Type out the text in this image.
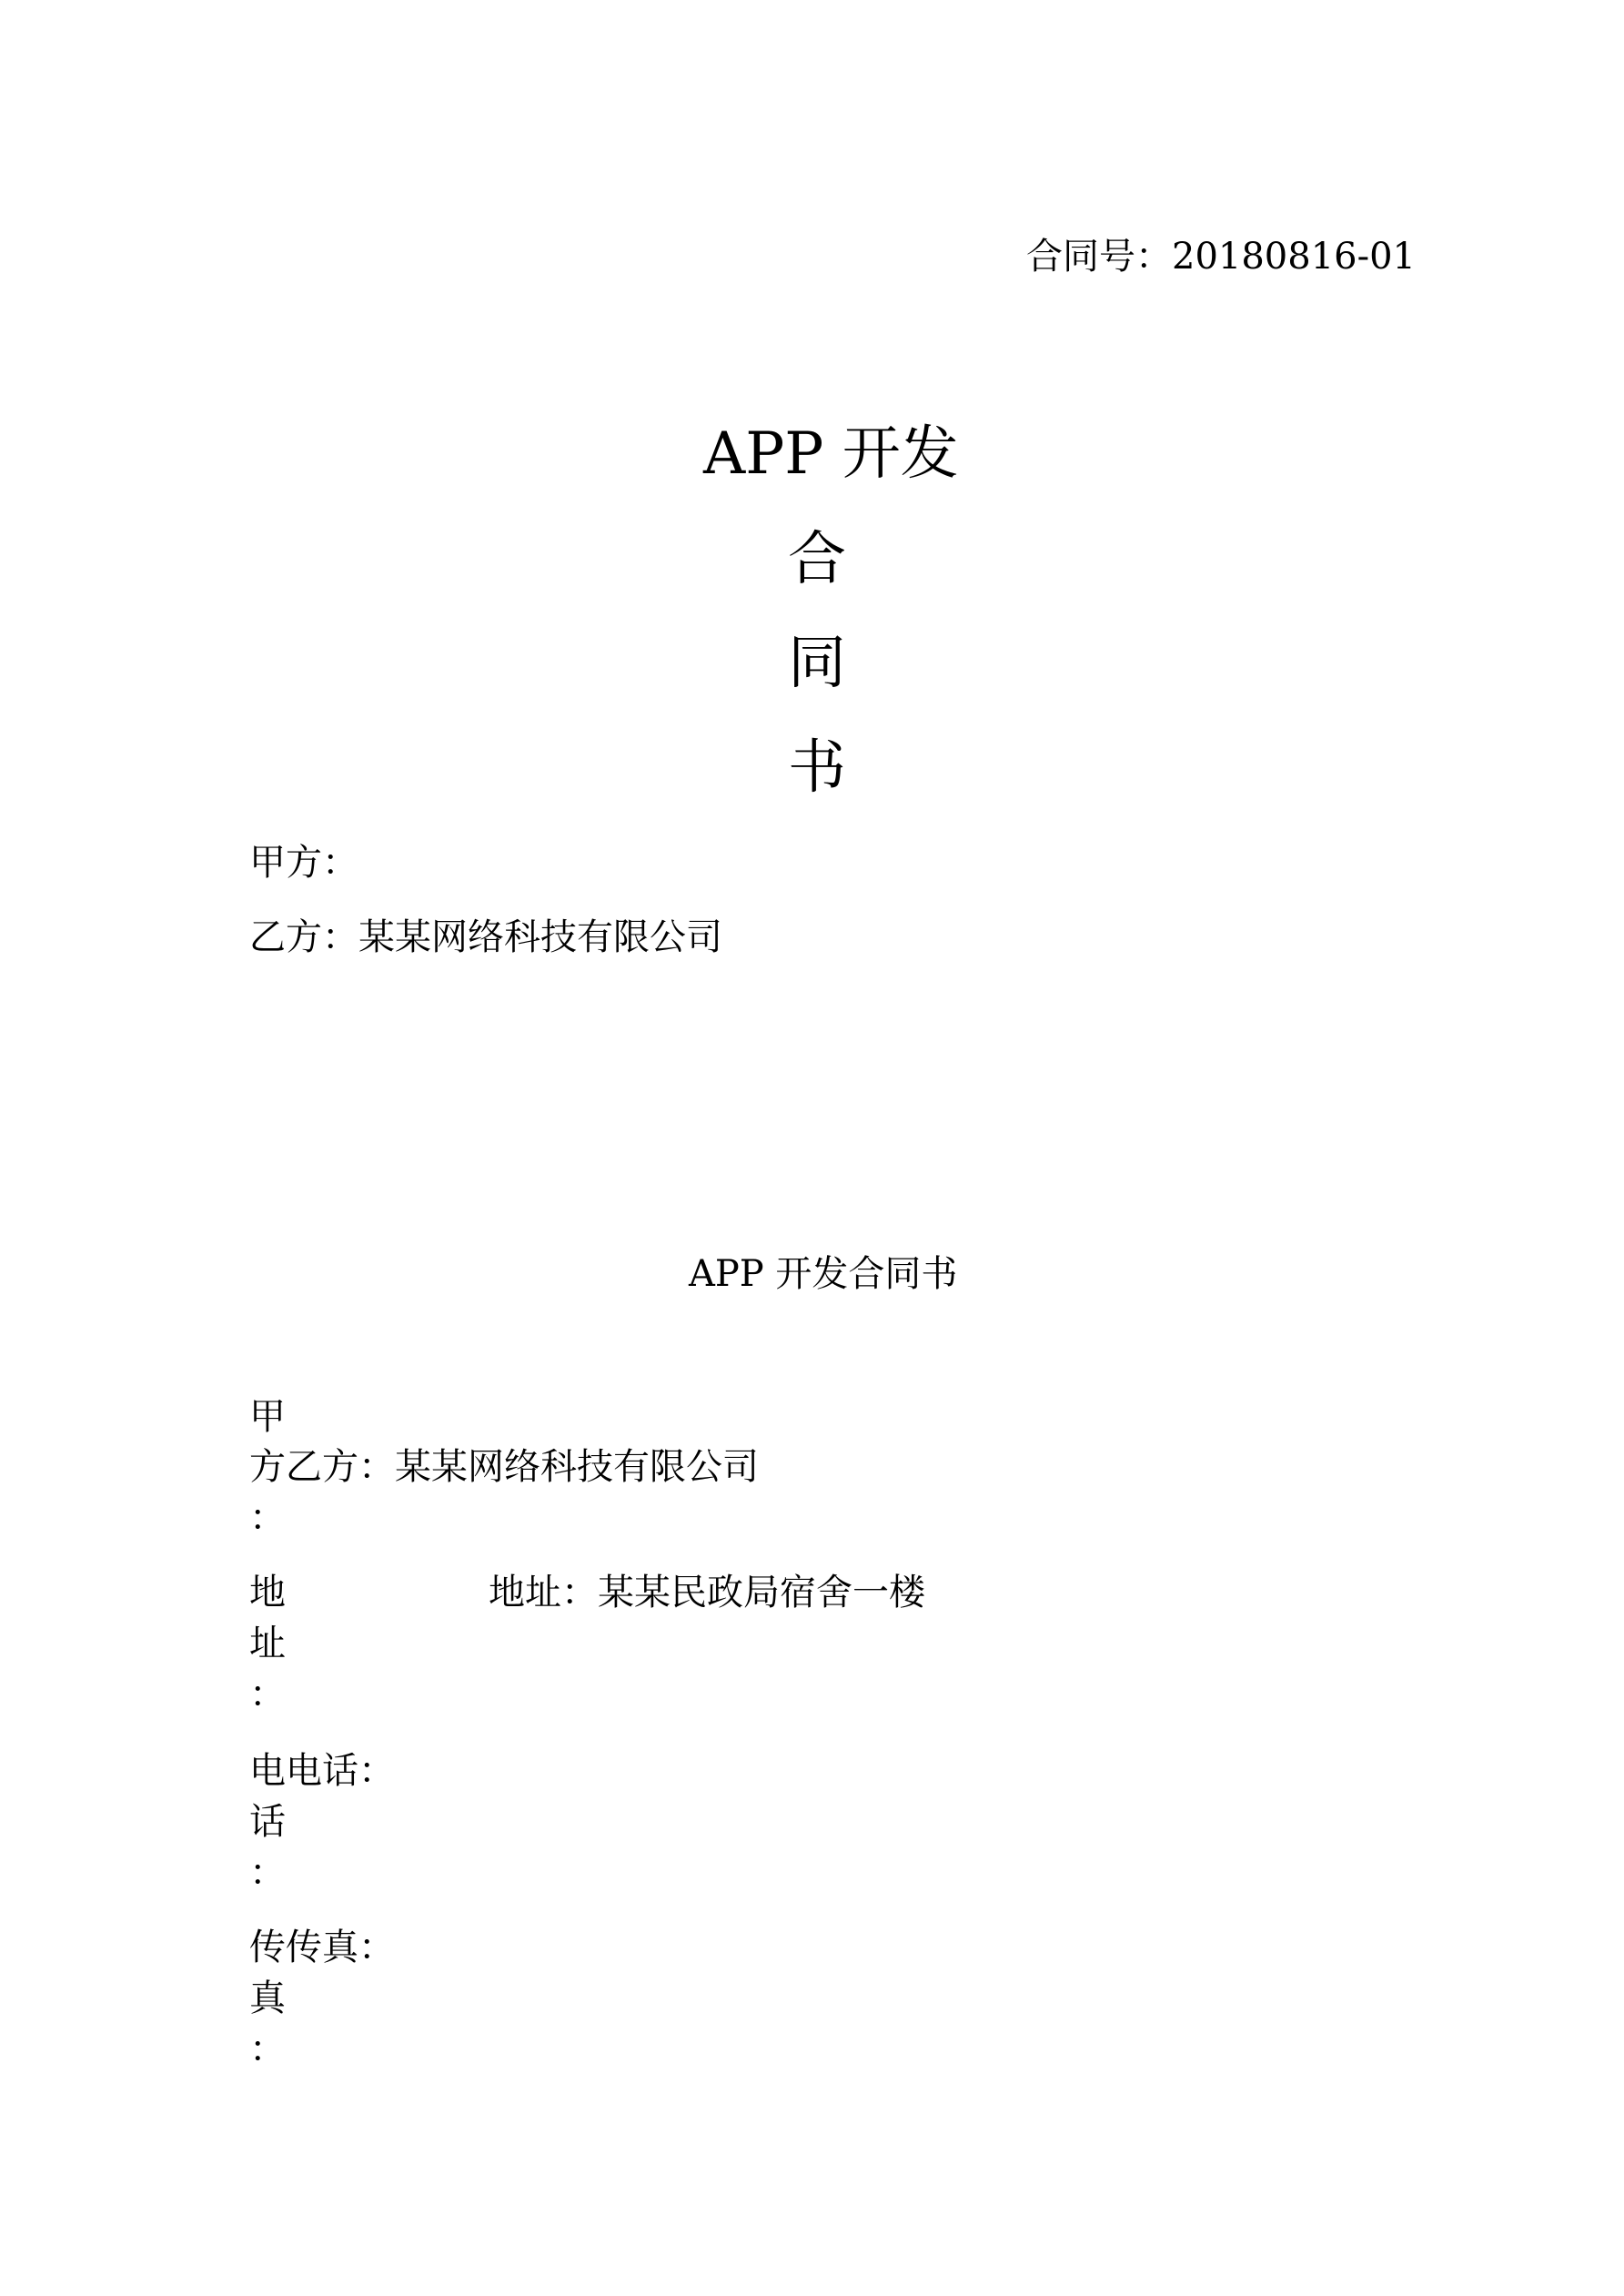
合同号：20180816-01
APP 开发
合
同
书
甲方：
乙方：某某网络科技有限公司
APP 开发合同书
甲
方
：
乙方：某某网络科技有限公司
地
址
：
地址：某某民政局宿舍一楼
电
话
：
电话：
传
真
：
传真：
